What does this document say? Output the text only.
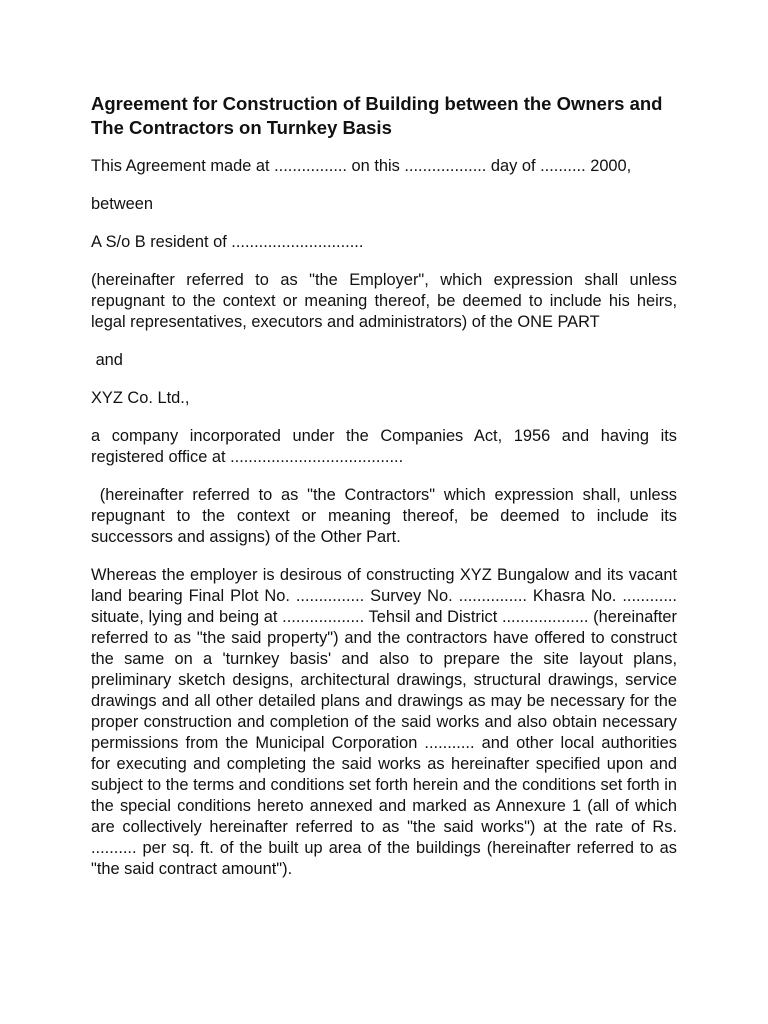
Agreement for Construction of Building between the Owners and The Contractors on Turnkey Basis

This Agreement made at ................ on this .................. day of .......... 2000,

between

A S/o B resident of .............................

(hereinafter referred to as "the Employer", which expression shall unless repugnant to the context or meaning thereof, be deemed to include his heirs, legal representatives, executors and administrators) of the ONE PART

and

XYZ Co. Ltd.,

a company incorporated under the Companies Act, 1956 and having its registered office at ......................................

(hereinafter referred to as "the Contractors" which expression shall, unless repugnant to the context or meaning thereof, be deemed to include its successors and assigns) of the Other Part.

Whereas the employer is desirous of constructing XYZ Bungalow and its vacant land bearing Final Plot No. ............... Survey No. ............... Khasra No. ............ situate, lying and being at .................. Tehsil and District ................... (hereinafter referred to as "the said property") and the contractors have offered to construct the same on a 'turnkey basis' and also to prepare the site layout plans, preliminary sketch designs, architectural drawings, structural drawings, service drawings and all other detailed plans and drawings as may be necessary for the proper construction and completion of the said works and also obtain necessary permissions from the Municipal Corporation ........... and other local authorities for executing and completing the said works as hereinafter specified upon and subject to the terms and conditions set forth herein and the conditions set forth in the special conditions hereto annexed and marked as Annexure 1 (all of which are collectively hereinafter referred to as "the said works") at the rate of Rs. .......... per sq. ft. of the built up area of the buildings (hereinafter referred to as "the said contract amount").
